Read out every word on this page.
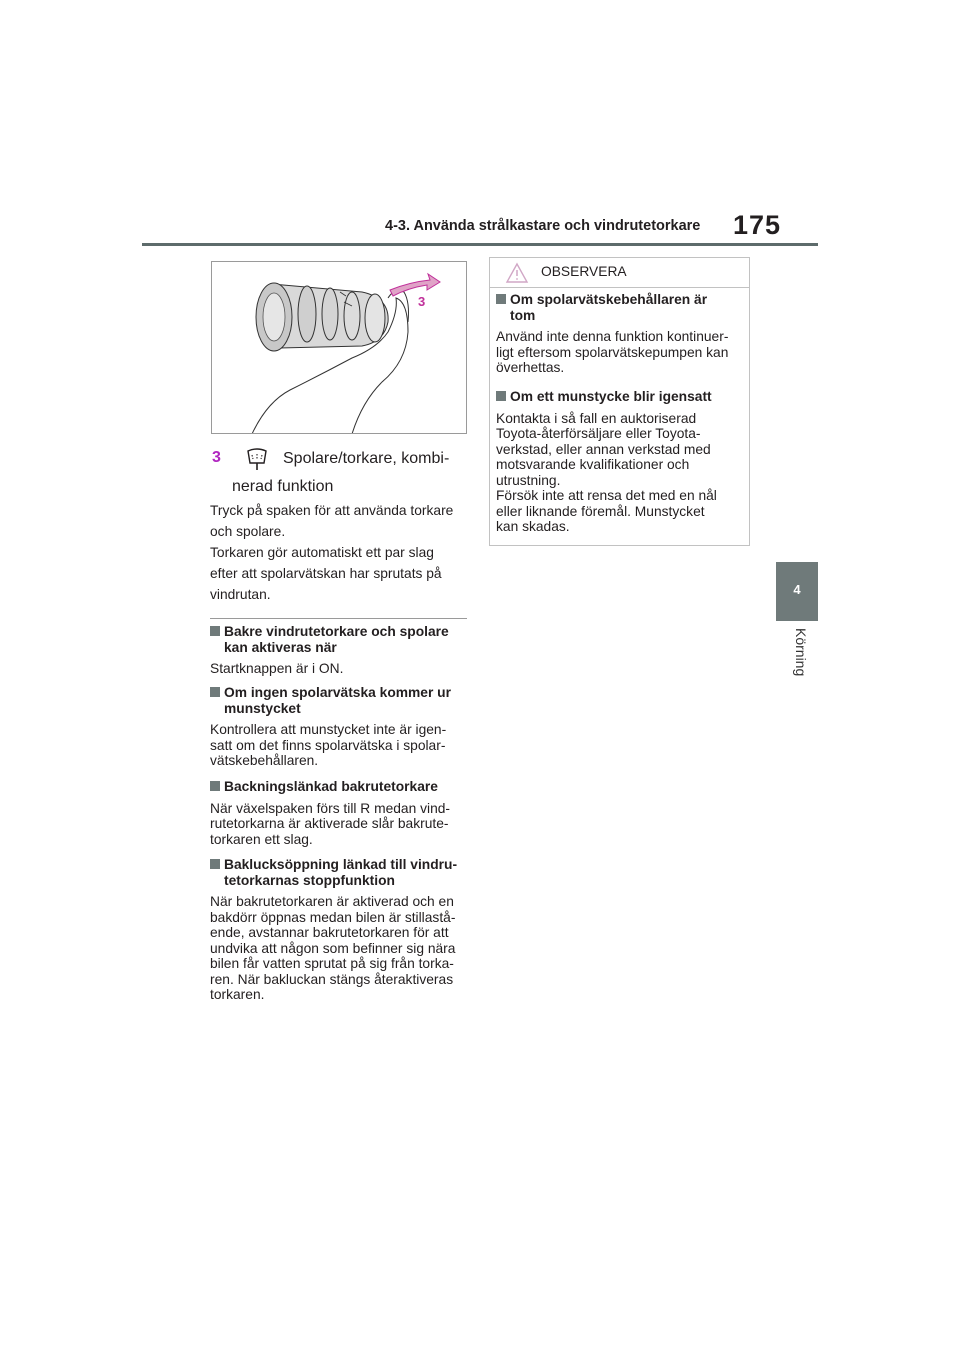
4-3. Använda strålkastare och vindrutetorkare 175
4
Körning
3
3	Spolare/torkare, kombi-
nerad funktion
Tryck på spaken för att använda torkare
och spolare.
Torkaren gör automatiskt ett par slag
efter att spolarvätskan har sprutats på
vindrutan.
Bakre vindrutetorkare och spolare
kan aktiveras när
Startknappen är i ON.
Om ingen spolarvätska kommer ur
munstycket
Kontrollera att munstycket inte är igen-
satt om det finns spolarvätska i spolar-
vätskebehållaren.
Backningslänkad bakrutetorkare
När växelspaken förs till R medan vind-
rutetorkarna är aktiverade slår bakrute-
torkaren ett slag.
Baklucksöppning länkad till vindru-
tetorkarnas stoppfunktion
När bakrutetorkaren är aktiverad och en
bakdörr öppnas medan bilen är stillastå-
ende, avstannar bakrutetorkaren för att
undvika att någon som befinner sig nära
bilen får vatten sprutat på sig från torka-
ren. När bakluckan stängs återaktiveras
torkaren.
OBSERVERA
Om spolarvätskebehållaren är
tom
Använd inte denna funktion kontinuer-
ligt eftersom spolarvätskepumpen kan
överhettas.
Om ett munstycke blir igensatt
Kontakta i så fall en auktoriserad
Toyota-återförsäljare eller Toyota-
verkstad, eller annan verkstad med
motsvarande kvalifikationer och
utrustning.
Försök inte att rensa det med en nål
eller liknande föremål. Munstycket
kan skadas.
